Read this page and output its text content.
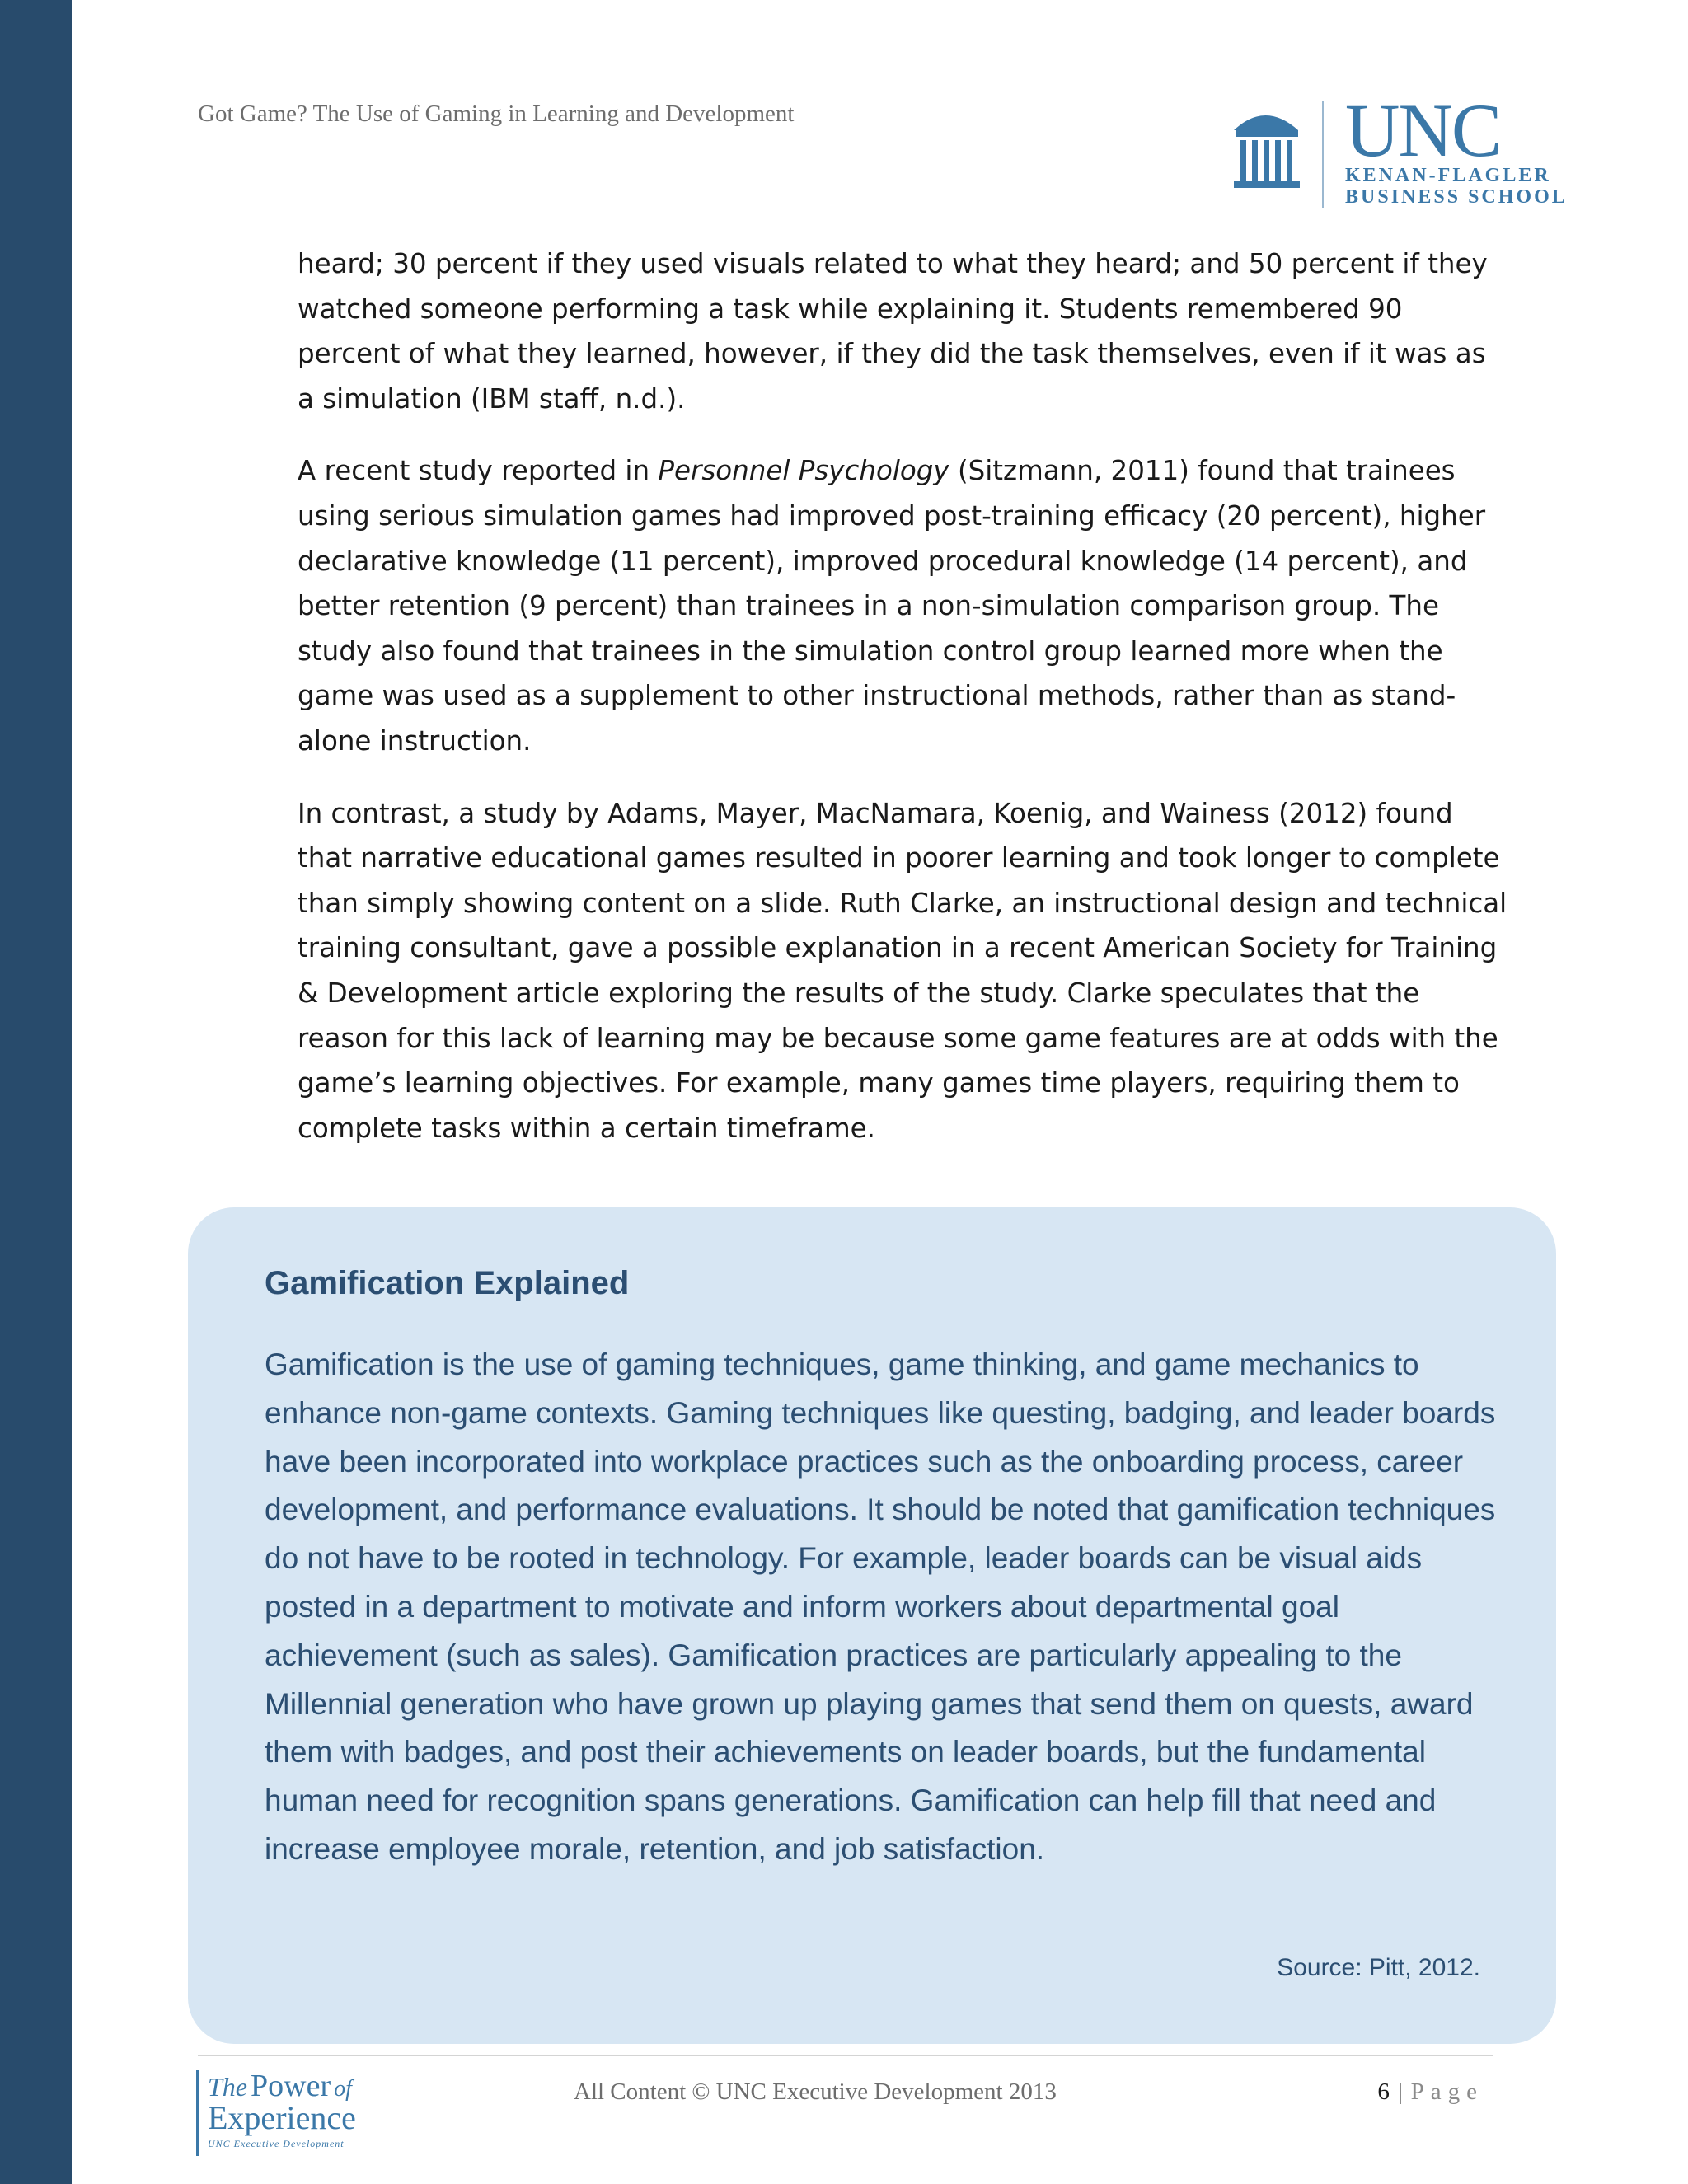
Got Game? The Use of Gaming in Learning and Development	UNC
KENAN-FLAGLER
BUSINESS SCHOOL

heard; 30 percent if they used visuals related to what they heard; and 50 percent if they watched someone performing a task while explaining it. Students remembered 90 percent of what they learned, however, if they did the task themselves, even if it was as a simulation (IBM staff, n.d.).

A recent study reported in Personnel Psychology (Sitzmann, 2011) found that trainees using serious simulation games had improved post-training efficacy (20 percent), higher declarative knowledge (11 percent), improved procedural knowledge (14 percent), and better retention (9 percent) than trainees in a non-simulation comparison group. The study also found that trainees in the simulation control group learned more when the game was used as a supplement to other instructional methods, rather than as stand-alone instruction.

In contrast, a study by Adams, Mayer, MacNamara, Koenig, and Wainess (2012) found that narrative educational games resulted in poorer learning and took longer to complete than simply showing content on a slide. Ruth Clarke, an instructional design and technical training consultant, gave a possible explanation in a recent American Society for Training & Development article exploring the results of the study. Clarke speculates that the reason for this lack of learning may be because some game features are at odds with the game’s learning objectives. For example, many games time players, requiring them to complete tasks within a certain timeframe.

Gamification Explained
Gamification is the use of gaming techniques, game thinking, and game mechanics to enhance non-game contexts. Gaming techniques like questing, badging, and leader boards have been incorporated into workplace practices such as the onboarding process, career development, and performance evaluations. It should be noted that gamification techniques do not have to be rooted in technology. For example, leader boards can be visual aids posted in a department to motivate and inform workers about departmental goal achievement (such as sales). Gamification practices are particularly appealing to the Millennial generation who have grown up playing games that send them on quests, award them with badges, and post their achievements on leader boards, but the fundamental human need for recognition spans generations. Gamification can help fill that need and increase employee morale, retention, and job satisfaction.
Source: Pitt, 2012.
The Power of
Experience
UNC Executive Development
All Content © UNC Executive Development 2013	6 | Page
